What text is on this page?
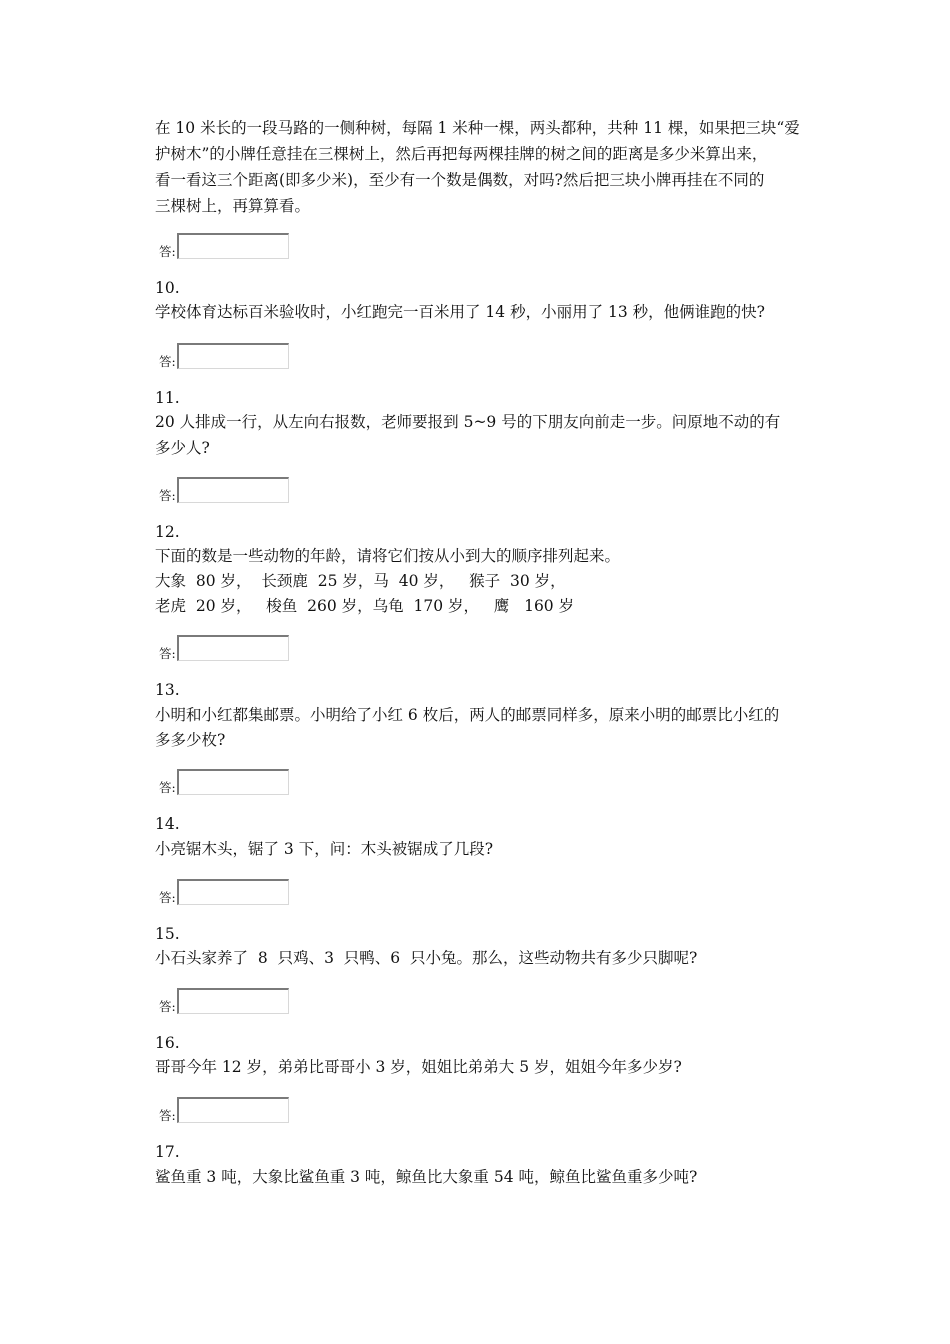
在 10 米长的一段马路的一侧种树，每隔 1 米种一棵，两头都种，共种 11 棵，如果把三块“爱
护树木”的小牌任意挂在三棵树上，然后再把每两棵挂牌的树之间的距离是多少米算出来，
看一看这三个距离(即多少米)，至少有一个数是偶数，对吗?然后把三块小牌再挂在不同的
三棵树上，再算算看。
答:
10.
学校体育达标百米验收时，小红跑完一百米用了 14 秒，小丽用了 13 秒，他俩谁跑的快?
答:
11.
20 人排成一行，从左向右报数，老师要报到 5~9 号的下朋友向前走一步。问原地不动的有
多少人?
答:
12.
下面的数是一些动物的年龄，请将它们按从小到大的顺序排列起来。
大象  80 岁，  长颈鹿  25 岁，马  40 岁，   猴子  30 岁，
老虎  20 岁，   梭鱼  260 岁，乌龟  170 岁，   鹰   160 岁
答:
13.
小明和小红都集邮票。小明给了小红 6 枚后，两人的邮票同样多，原来小明的邮票比小红的
多多少枚?
答:
14.
小亮锯木头，锯了 3 下，问：木头被锯成了几段?
答:
15.
小石头家养了  8  只鸡、3  只鸭、6  只小兔。那么，这些动物共有多少只脚呢?
答:
16.
哥哥今年 12 岁，弟弟比哥哥小 3 岁，姐姐比弟弟大 5 岁，姐姐今年多少岁?
答:
17.
鲨鱼重 3 吨，大象比鲨鱼重 3 吨，鲸鱼比大象重 54 吨，鲸鱼比鲨鱼重多少吨?
